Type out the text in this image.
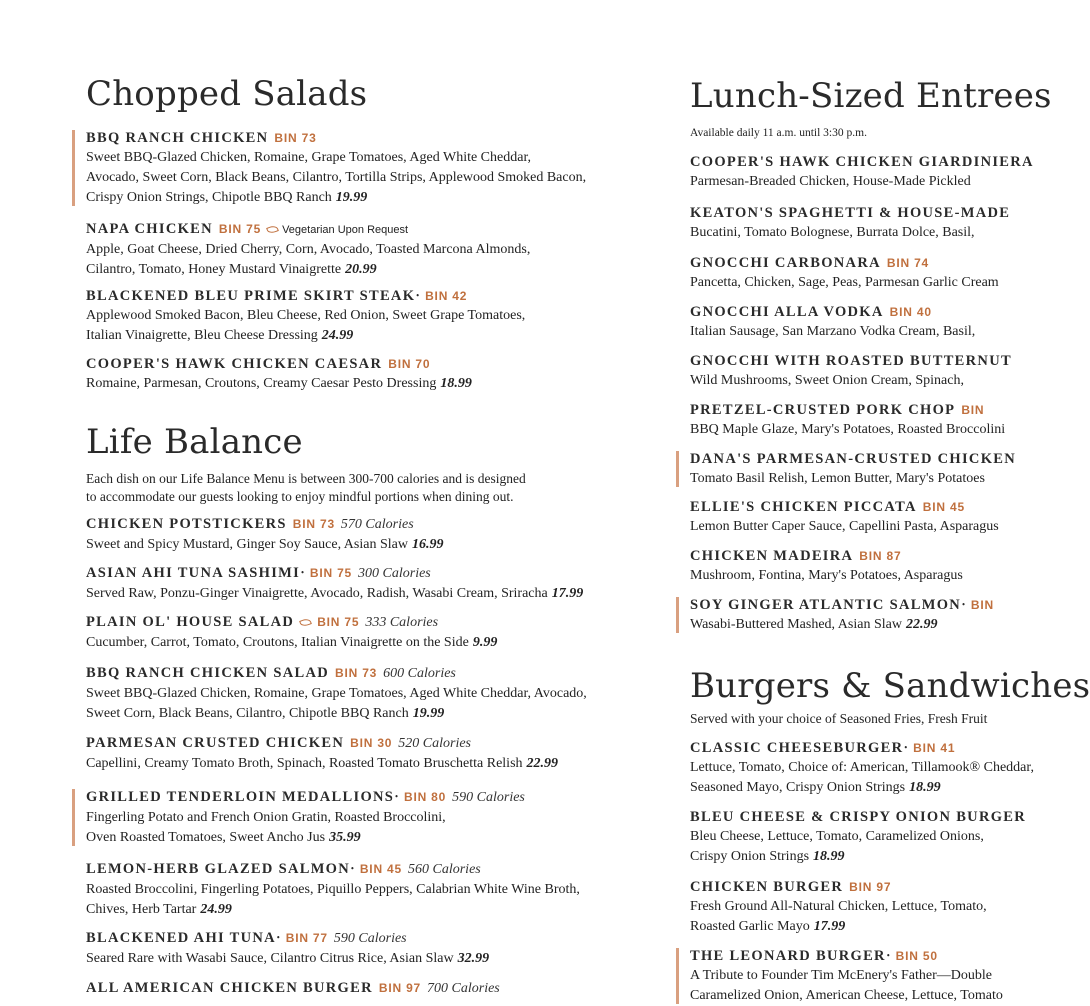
Chopped Salads
BBQ RANCH CHICKEN BIN 73
Sweet BBQ-Glazed Chicken, Romaine, Grape Tomatoes, Aged White Cheddar,
Avocado, Sweet Corn, Black Beans, Cilantro, Tortilla Strips, Applewood Smoked Bacon,
Crispy Onion Strings, Chipotle BBQ Ranch 19.99
NAPA CHICKEN BIN 75 Vegetarian Upon Request
Apple, Goat Cheese, Dried Cherry, Corn, Avocado, Toasted Marcona Almonds,
Cilantro, Tomato, Honey Mustard Vinaigrette 20.99
BLACKENED BLEU PRIME SKIRT STEAK• BIN 42
Applewood Smoked Bacon, Bleu Cheese, Red Onion, Sweet Grape Tomatoes,
Italian Vinaigrette, Bleu Cheese Dressing 24.99
COOPER'S HAWK CHICKEN CAESAR BIN 70
Romaine, Parmesan, Croutons, Creamy Caesar Pesto Dressing 18.99
Life Balance
Each dish on our Life Balance Menu is between 300-700 calories and is designed
to accommodate our guests looking to enjoy mindful portions when dining out.
CHICKEN POTSTICKERS BIN 73 570 Calories
Sweet and Spicy Mustard, Ginger Soy Sauce, Asian Slaw 16.99
ASIAN AHI TUNA SASHIMI• BIN 75 300 Calories
Served Raw, Ponzu-Ginger Vinaigrette, Avocado, Radish, Wasabi Cream, Sriracha 17.99
PLAIN OL' HOUSE SALAD BIN 75 333 Calories
Cucumber, Carrot, Tomato, Croutons, Italian Vinaigrette on the Side 9.99
BBQ RANCH CHICKEN SALAD BIN 73 600 Calories
Sweet BBQ-Glazed Chicken, Romaine, Grape Tomatoes, Aged White Cheddar, Avocado,
Sweet Corn, Black Beans, Cilantro, Chipotle BBQ Ranch 19.99
PARMESAN CRUSTED CHICKEN BIN 30 520 Calories
Capellini, Creamy Tomato Broth, Spinach, Roasted Tomato Bruschetta Relish 22.99
GRILLED TENDERLOIN MEDALLIONS• BIN 80 590 Calories
Fingerling Potato and French Onion Gratin, Roasted Broccolini,
Oven Roasted Tomatoes, Sweet Ancho Jus 35.99
LEMON-HERB GLAZED SALMON• BIN 45 560 Calories
Roasted Broccolini, Fingerling Potatoes, Piquillo Peppers, Calabrian White Wine Broth,
Chives, Herb Tartar 24.99
BLACKENED AHI TUNA• BIN 77 590 Calories
Seared Rare with Wasabi Sauce, Cilantro Citrus Rice, Asian Slaw 32.99
ALL AMERICAN CHICKEN BURGER BIN 97 700 Calories
Lunch-Sized Entrees
Available daily 11 a.m. until 3:30 p.m.
COOPER'S HAWK CHICKEN GIARDINIERA
Parmesan-Breaded Chicken, House-Made Pickled
KEATON'S SPAGHETTI & HOUSE-MADE
Bucatini, Tomato Bolognese, Burrata Dolce, Basil,
GNOCCHI CARBONARA BIN 74
Pancetta, Chicken, Sage, Peas, Parmesan Garlic Cream
GNOCCHI ALLA VODKA BIN 40
Italian Sausage, San Marzano Vodka Cream, Basil,
GNOCCHI WITH ROASTED BUTTERNUT
Wild Mushrooms, Sweet Onion Cream, Spinach,
PRETZEL-CRUSTED PORK CHOP BIN
BBQ Maple Glaze, Mary's Potatoes, Roasted Broccolini
DANA'S PARMESAN-CRUSTED CHICKEN
Tomato Basil Relish, Lemon Butter, Mary's Potatoes
ELLIE'S CHICKEN PICCATA BIN 45
Lemon Butter Caper Sauce, Capellini Pasta, Asparagus
CHICKEN MADEIRA BIN 87
Mushroom, Fontina, Mary's Potatoes, Asparagus
SOY GINGER ATLANTIC SALMON• BIN
Wasabi-Buttered Mashed, Asian Slaw 22.99
Burgers & Sandwiches
Served with your choice of Seasoned Fries, Fresh Fruit
CLASSIC CHEESEBURGER• BIN 41
Lettuce, Tomato, Choice of: American, Tillamook® Cheddar,
Seasoned Mayo, Crispy Onion Strings 18.99
BLEU CHEESE & CRISPY ONION BURGER
Bleu Cheese, Lettuce, Tomato, Caramelized Onions,
Crispy Onion Strings 18.99
CHICKEN BURGER BIN 97
Fresh Ground All-Natural Chicken, Lettuce, Tomato,
Roasted Garlic Mayo 17.99
THE LEONARD BURGER• BIN 50
A Tribute to Founder Tim McEnery's Father—Double
Caramelized Onion, American Cheese, Lettuce, Tomato
